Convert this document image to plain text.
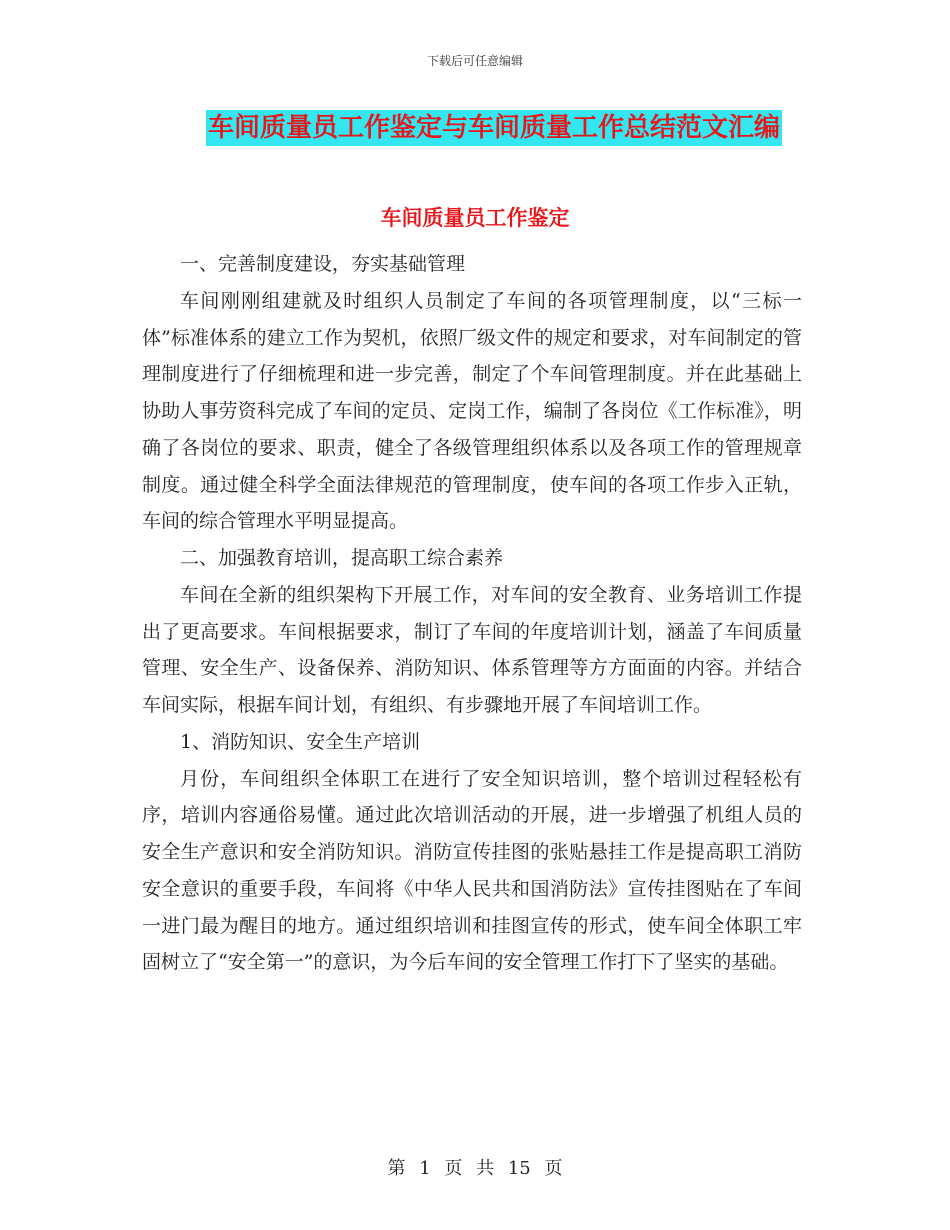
下载后可任意编辑
车间质量员工作鉴定与车间质量工作总结范文汇编
车间质量员工作鉴定

一、完善制度建设，夯实基础管理

车间刚刚组建就及时组织人员制定了车间的各项管理制度，以“三标一体”标准体系的建立工作为契机，依照厂级文件的规定和要求，对车间制定的管理制度进行了仔细梳理和进一步完善，制定了个车间管理制度。并在此基础上协助人事劳资科完成了车间的定员、定岗工作，编制了各岗位《工作标准》，明确了各岗位的要求、职责，健全了各级管理组织体系以及各项工作的管理规章制度。通过健全科学全面法律规范的管理制度，使车间的各项工作步入正轨，车间的综合管理水平明显提高。

二、加强教育培训，提高职工综合素养

车间在全新的组织架构下开展工作，对车间的安全教育、业务培训工作提出了更高要求。车间根据要求，制订了车间的年度培训计划，涵盖了车间质量管理、安全生产、设备保养、消防知识、体系管理等方方面面的内容。并结合车间实际，根据车间计划，有组织、有步骤地开展了车间培训工作。

1、消防知识、安全生产培训

月份，车间组织全体职工在进行了安全知识培训，整个培训过程轻松有序，培训内容通俗易懂。通过此次培训活动的开展，进一步增强了机组人员的安全生产意识和安全消防知识。消防宣传挂图的张贴悬挂工作是提高职工消防安全意识的重要手段，车间将《中华人民共和国消防法》宣传挂图贴在了车间一进门最为醒目的地方。通过组织培训和挂图宣传的形式，使车间全体职工牢固树立了“安全第一”的意识，为今后车间的安全管理工作打下了坚实的基础。

第 1 页 共 15 页
